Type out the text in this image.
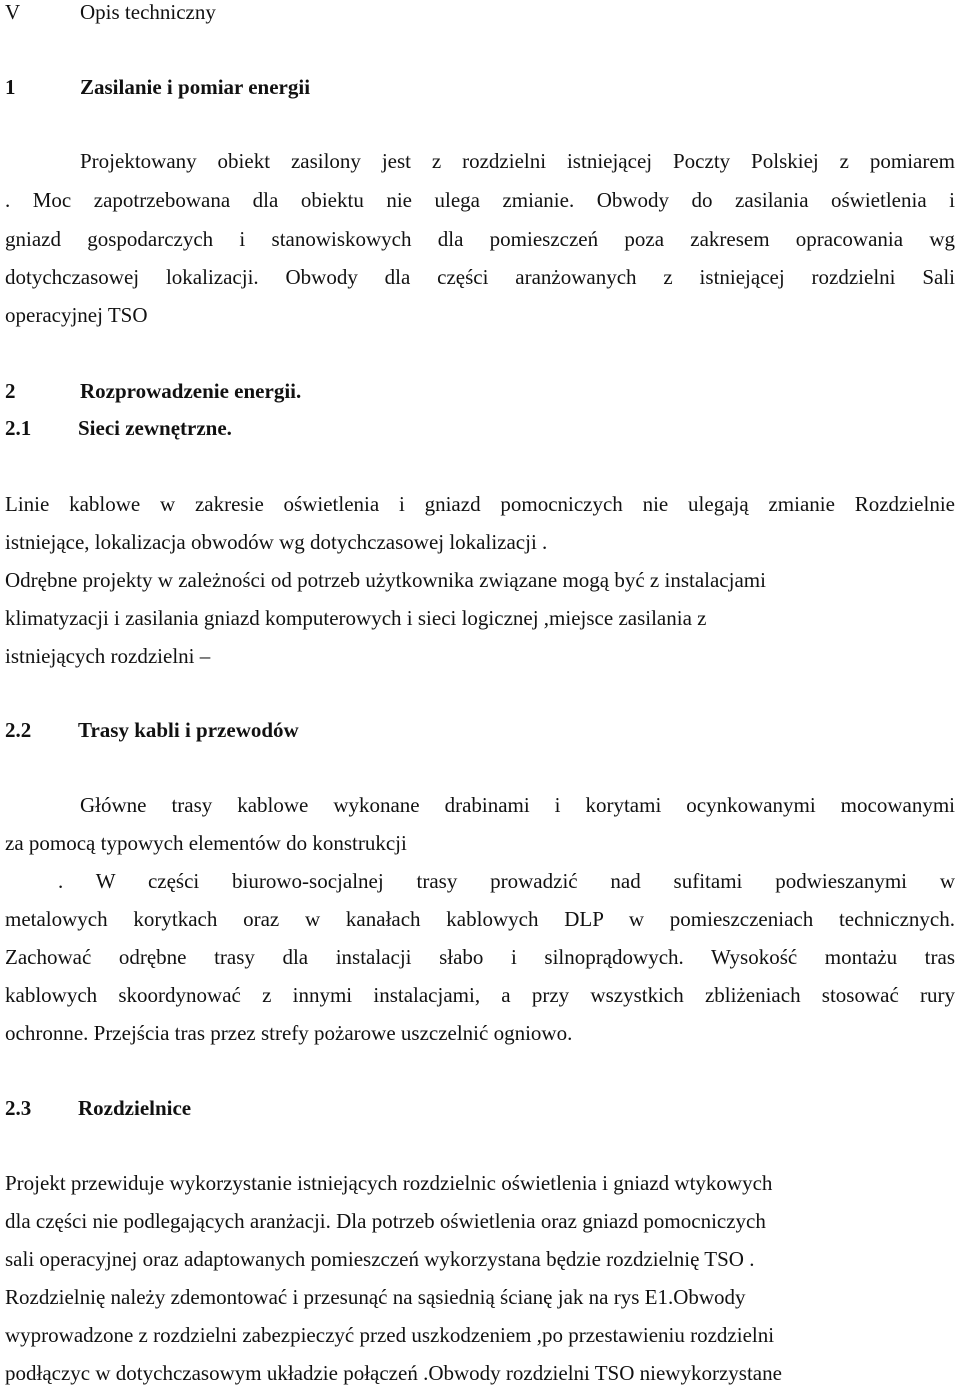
V	Opis techniczny
1	Zasilanie i pomiar energii
Projektowany obiekt zasilony jest z rozdzielni istniejącej Poczty Polskiej z pomiarem
. Moc zapotrzebowana dla obiektu nie ulega zmianie. Obwody do zasilania oświetlenia i
gniazd gospodarczych i stanowiskowych dla pomieszczeń poza zakresem opracowania wg
dotychczasowej lokalizacji. Obwody dla części aranżowanych z istniejącej rozdzielni Sali
operacyjnej TSO
2	Rozprowadzenie energii.
2.1 Sieci zewnętrzne.
Linie kablowe w zakresie oświetlenia i gniazd pomocniczych nie ulegają zmianie Rozdzielnie
istniejące, lokalizacja obwodów wg dotychczasowej lokalizacji .
Odrębne projekty w zależności od potrzeb użytkownika związane mogą być z instalacjami
klimatyzacji i zasilania gniazd komputerowych i sieci logicznej ,miejsce zasilania z
istniejących rozdzielni –
2.2 Trasy kabli i przewodów
Główne trasy kablowe wykonane drabinami i korytami ocynkowanymi mocowanymi
za pomocą typowych elementów do konstrukcji
. W części biurowo-socjalnej trasy prowadzić nad sufitami podwieszanymi w
metalowych korytkach oraz w kanałach kablowych DLP w pomieszczeniach technicznych.
Zachować odrębne trasy dla instalacji słabo i silnoprądowych. Wysokość montażu tras
kablowych skoordynować z innymi instalacjami, a przy wszystkich zbliżeniach stosować rury
ochronne. Przejścia tras przez strefy pożarowe uszczelnić ogniowo.
2.3 Rozdzielnice
Projekt przewiduje wykorzystanie istniejących rozdzielnic oświetlenia i gniazd wtykowych
dla części nie podlegających aranżacji. Dla potrzeb oświetlenia oraz gniazd pomocniczych
sali operacyjnej oraz adaptowanych pomieszczeń wykorzystana będzie rozdzielnię TSO .
Rozdzielnię należy zdemontować i przesunąć na sąsiednią ścianę jak na rys E1.Obwody
wyprowadzone z rozdzielni zabezpieczyć przed uszkodzeniem ,po przestawieniu rozdzielni
podłączyc w dotychczasowym układzie połączeń .Obwody rozdzielni TSO niewykorzystane
